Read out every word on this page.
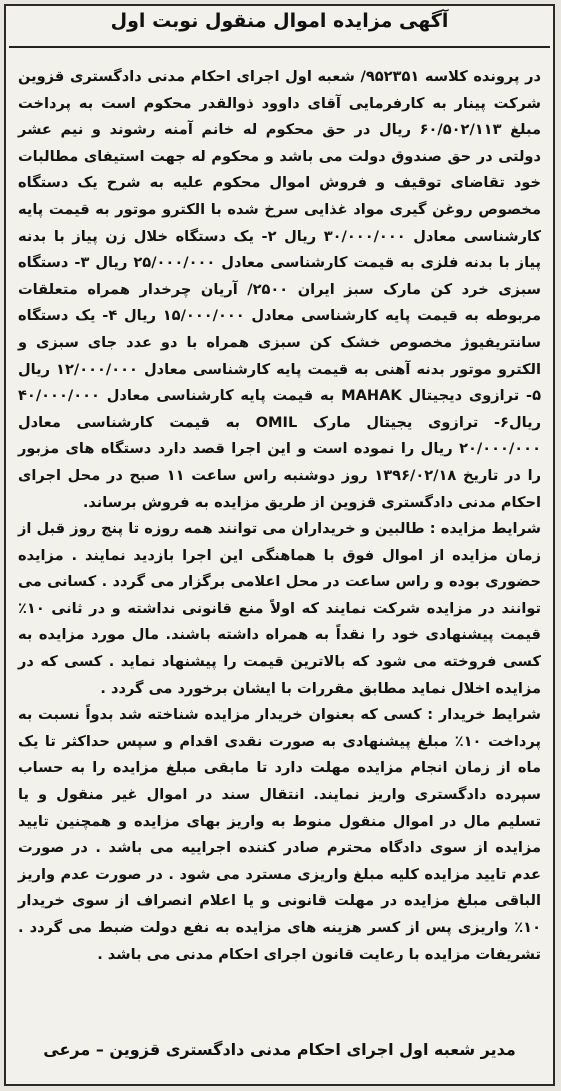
آگهی مزایده اموال منقول نوبت اول

در پرونده کلاسه ۹۵۲۳۵۱/ شعبه اول اجرای احکام مدنی دادگستری قزوین شرکت پینار به کارفرمایی آقای داوود ذوالقدر محکوم است به پرداخت مبلغ ۶۰/۵۰۲/۱۱۳ ریال در حق محکوم له خانم آمنه رشوند و نیم عشر دولتی در حق صندوق دولت می باشد و محکوم له جهت استیفای مطالبات خود تقاضای توقیف و فروش اموال محکوم علیه به شرح یک دستگاه مخصوص روغن گیری مواد غذایی سرخ شده با الکترو موتور به قیمت پایه کارشناسی معادل ۳۰/۰۰۰/۰۰۰ ریال ۲- یک دستگاه خلال زن پیاز با بدنه پیاز با بدنه فلزی به قیمت کارشناسی معادل ۲۵/۰۰۰/۰۰۰ ریال ۳- دستگاه سبزی خرد کن مارک سبز ایران ۲۵۰۰/ آریان چرخدار همراه متعلقات مربوطه به قیمت پایه کارشناسی معادل ۱۵/۰۰۰/۰۰۰ ریال ۴- یک دستگاه سانتریفیوژ مخصوص خشک کن سبزی همراه با دو عدد جای سبزی و الکترو موتور بدنه آهنی به قیمت پایه کارشناسی معادل ۱۲/۰۰۰/۰۰۰ ریال ۵- ترازوی دیجیتال MAHAK به قیمت پایه کارشناسی معادل ۴۰/۰۰۰/۰۰۰ ریال۶- ترازوی یجیتال مارک OMIL به قیمت کارشناسی معادل ۲۰/۰۰۰/۰۰۰ ریال را نموده است و این اجرا قصد دارد دستگاه های مزبور را در تاریخ ۱۳۹۶/۰۲/۱۸ روز دوشنبه راس ساعت ۱۱ صبح در محل اجرای احکام مدنی دادگستری قزوین از طریق مزایده به فروش برساند.

شرایط مزایده : طالبین و خریداران می توانند همه روزه تا پنج روز قبل از زمان مزایده از اموال فوق با هماهنگی این اجرا بازدید نمایند . مزایده حضوری بوده و راس ساعت در محل اعلامی برگزار می گردد . کسانی می توانند در مزایده شرکت نمایند که اولاً منع قانونی نداشته و در ثانی ۱۰٪ قیمت پیشنهادی خود را نقداً به همراه داشته باشند. مال مورد مزایده به کسی فروخته می شود که بالاترین قیمت را پیشنهاد نماید . کسی که در مزایده اخلال نماید مطابق مقررات با ایشان برخورد می گردد .

شرایط خریدار : کسی که بعنوان خریدار مزایده شناخته شد بدواً نسبت به پرداخت ۱۰٪ مبلغ پیشنهادی به صورت نقدی اقدام و سپس حداکثر تا یک ماه از زمان انجام مزایده مهلت دارد تا مابقی مبلغ مزایده را به حساب سپرده دادگستری واریز نمایند. انتقال سند در اموال غیر منقول و یا تسلیم مال در اموال منقول منوط به واریز بهای مزایده و همچنین تایید مزایده از سوی دادگاه محترم صادر کننده اجراییه می باشد . در صورت عدم تایید مزایده کلیه مبلغ واریزی مسترد می شود . در صورت عدم واریز الباقی مبلغ مزایده در مهلت قانونی و یا اعلام انصراف از سوی خریدار ۱۰٪ واریزی پس از کسر هزینه های مزایده به نفع دولت ضبط می گردد . تشریفات مزایده با رعایت قانون اجرای احکام مدنی می باشد .

مدیر شعبه اول اجرای احکام مدنی دادگستری قزوین – مرعی
